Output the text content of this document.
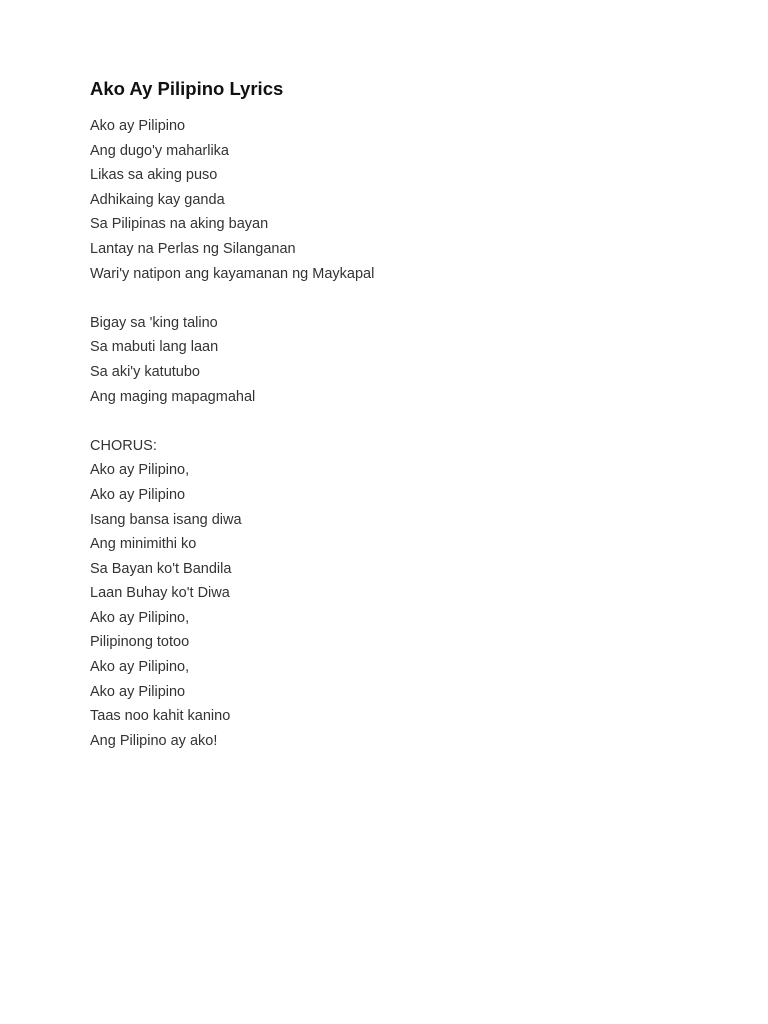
Ako Ay Pilipino Lyrics
Ako ay Pilipino
Ang dugo'y maharlika
Likas sa aking puso
Adhikaing kay ganda
Sa Pilipinas na aking bayan
Lantay na Perlas ng Silanganan
Wari'y natipon ang kayamanan ng Maykapal
Bigay sa 'king talino
Sa mabuti lang laan
Sa aki'y katutubo
Ang maging mapagmahal
CHORUS:
Ako ay Pilipino,
Ako ay Pilipino
Isang bansa isang diwa
Ang minimithi ko
Sa Bayan ko't Bandila
Laan Buhay ko't Diwa
Ako ay Pilipino,
Pilipinong totoo
Ako ay Pilipino,
Ako ay Pilipino
Taas noo kahit kanino
Ang Pilipino ay ako!
